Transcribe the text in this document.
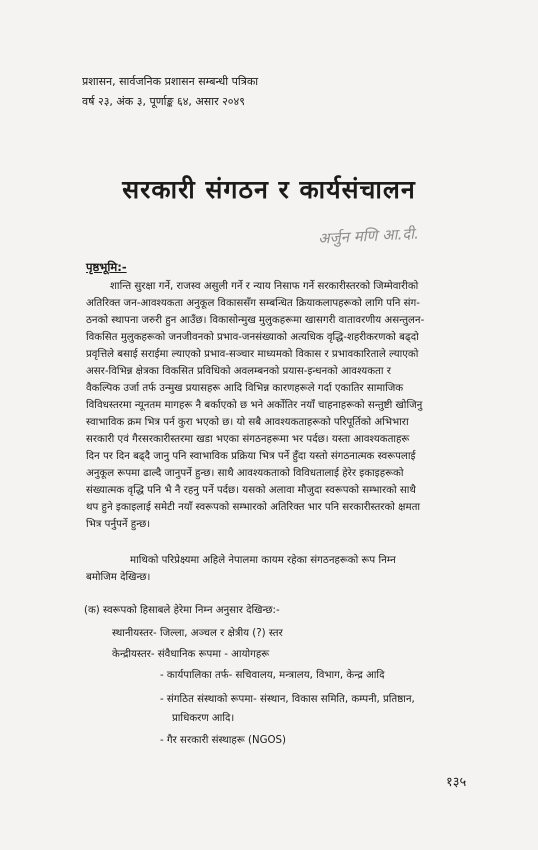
प्रशासन, सार्वजनिक प्रशासन सम्बन्धी पत्रिका
वर्ष २३, अंक ३, पूर्णाङ्क ६४, असार २०४९
सरकारी संगठन र कार्यसंचालन
अर्जुन मणि आ.दी.
पृष्ठभूमि:-
शान्ति सुरक्षा गर्ने, राजस्व असुली गर्ने र न्याय निसाफ गर्ने सरकारीस्तरको जिम्मेवारीको
अतिरिक्त जन-आवश्यकता अनुकूल विकाससँग सम्बन्धित क्रियाकलापहरूको लागि पनि संग-
ठनको स्थापना जरुरी हुन आउँछ। विकासोन्मुख मुलुकहरूमा खासगरी वातावरणीय असन्तुलन-
विकसित मुलुकहरूको जनजीवनको प्रभाव-जनसंख्याको अत्यधिक वृद्धि-शहरीकरणको बढ्दो
प्रवृत्तिले बसाई सराईमा ल्याएको प्रभाव-सञ्चार माध्यमको विकास र प्रभावकारिताले ल्याएको
असर-विभिन्न क्षेत्रका विकसित प्रविधिको अवलम्बनको प्रयास-इन्धनको आवश्यकता र
वैकल्पिक उर्जा तर्फ उन्मुख प्रयासहरू आदि विभिन्न कारणहरूले गर्दा एकातिर सामाजिक
विविधस्तरमा न्यूनतम मागहरू नै बर्काएको छ भने अर्कोतिर नयाँ चाहनाहरूको सन्तुष्टी खोजिनु
स्वाभाविक क्रम भित्र पर्न कुरा भएको छ। यो सबै आवश्यकताहरूको परिपूर्तिको अभिभारा
सरकारी एवं गैरसरकारीस्तरमा खडा भएका संगठनहरूमा भर पर्दछ। यस्ता आवश्यकताहरू
दिन पर दिन बढ्दै जानु पनि स्वाभाविक प्रक्रिया भित्र पर्ने हुँदा यस्तो संगठनात्मक स्वरूपलाई
अनुकूल रूपमा ढाल्दै जानुपर्ने हुन्छ। साथै आवश्यकताको विविधतालाई हेरेर इकाइहरूको
संख्यात्मक वृद्धि पनि भै नै रहनु पर्ने पर्दछ। यसको अलावा मौजुदा स्वरूपको सम्भारको साथै
थप हुने इकाइलाई समेटी नयाँ स्वरूपको सम्भारको अतिरिक्त भार पनि सरकारीस्तरको क्षमता
भित्र पर्नुपर्ने हुन्छ।
माथिको परिप्रेक्ष्यमा अहिले नेपालमा कायम रहेका संगठनहरूको रूप निम्न
बमोजिम देखिन्छ।
(क) स्वरूपको हिसाबले हेरेमा निम्न अनुसार देखिन्छ:-
स्थानीयस्तर- जिल्ला, अञ्चल र क्षेत्रीय (?) स्तर
केन्द्रीयस्तर- संवैधानिक रूपमा - आयोगहरू
- कार्यपालिका तर्फ- सचिवालय, मन्त्रालय, विभाग, केन्द्र आदि
- संगठित संस्थाको रूपमा- संस्थान, विकास समिति, कम्पनी, प्रतिष्ठान,
प्राधिकरण आदि।
- गैर सरकारी संस्थाहरू (NGOS)
१३५
